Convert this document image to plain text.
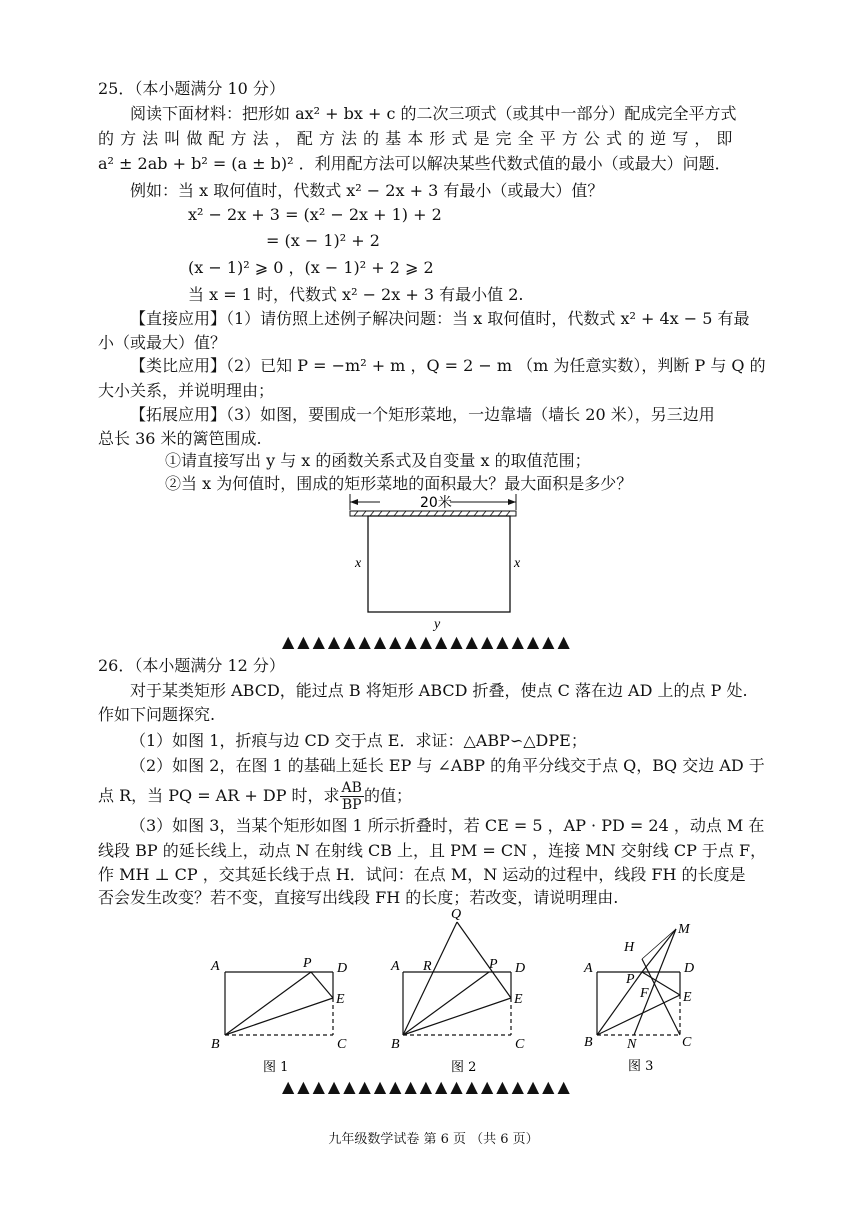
25．（本小题满分 10 分）
阅读下面材料：把形如 ax² + bx + c 的二次三项式（或其中一部分）配成完全平方式
的 方 法 叫 做 配 方 法 ， 配 方 法 的 基 本 形 式 是 完 全 平 方 公 式 的 逆 写 ， 即
a² ± 2ab + b² = (a ± b)² ．利用配方法可以解决某些代数式值的最小（或最大）问题．
例如：当 x 取何值时，代数式 x² − 2x + 3 有最小（或最大）值？
x² − 2x + 3 = (x² − 2x + 1) + 2
= (x − 1)² + 2
(x − 1)² ⩾ 0 ，(x − 1)² + 2 ⩾ 2
当 x = 1 时，代数式 x² − 2x + 3 有最小值 2.
【直接应用】（1）请仿照上述例子解决问题：当 x 取何值时，代数式 x² + 4x − 5 有最
小（或最大）值？
【类比应用】（2）已知 P = −m² + m ，Q = 2 − m （m 为任意实数），判断 P 与 Q 的
大小关系，并说明理由；
【拓展应用】（3）如图，要围成一个矩形菜地，一边靠墙（墙长 20 米），另三边用
总长 36 米的篱笆围成.
①请直接写出 y 与 x 的函数关系式及自变量 x 的取值范围；
②当 x 为何值时，围成的矩形菜地的面积最大？最大面积是多少？
20米
x	x
y
▲▲▲▲▲▲▲▲▲▲▲▲▲▲▲▲▲▲▲
26．（本小题满分 12 分）
对于某类矩形 ABCD，能过点 B 将矩形 ABCD 折叠，使点 C 落在边 AD 上的点 P 处.
作如下问题探究.
（1）如图 1，折痕与边 CD 交于点 E．求证：△ABP∽△DPE；
（2）如图 2，在图 1 的基础上延长 EP 与 ∠ABP 的角平分线交于点 Q，BQ 交边 AD 于
点 R，当 PQ = AR + DP 时，求 $\frac{AB}{BP}$ 的值；
（3）如图 3，当某个矩形如图 1 所示折叠时，若 CE = 5 ，AP · PD = 24 ，动点 M 在
线段 BP 的延长线上，动点 N 在射线 CB 上，且 PM = CN ，连接 MN 交射线 CP 于点 F，
作 MH ⊥ CP ，交其延长线于点 H．试问：在点 M，N 运动的过程中，线段 FH 的长度是
否会发生改变？若不变，直接写出线段 FH 的长度；若改变，请说明理由.
A	P D
E
B	C
图 1
Q
A R	P D
E
B	C
图 2
H
M
A
P
D
F E
B N	C
图 3
▲▲▲▲▲▲▲▲▲▲▲▲▲▲▲▲▲▲▲
九年级数学试卷 第 6 页 （共 6 页）
